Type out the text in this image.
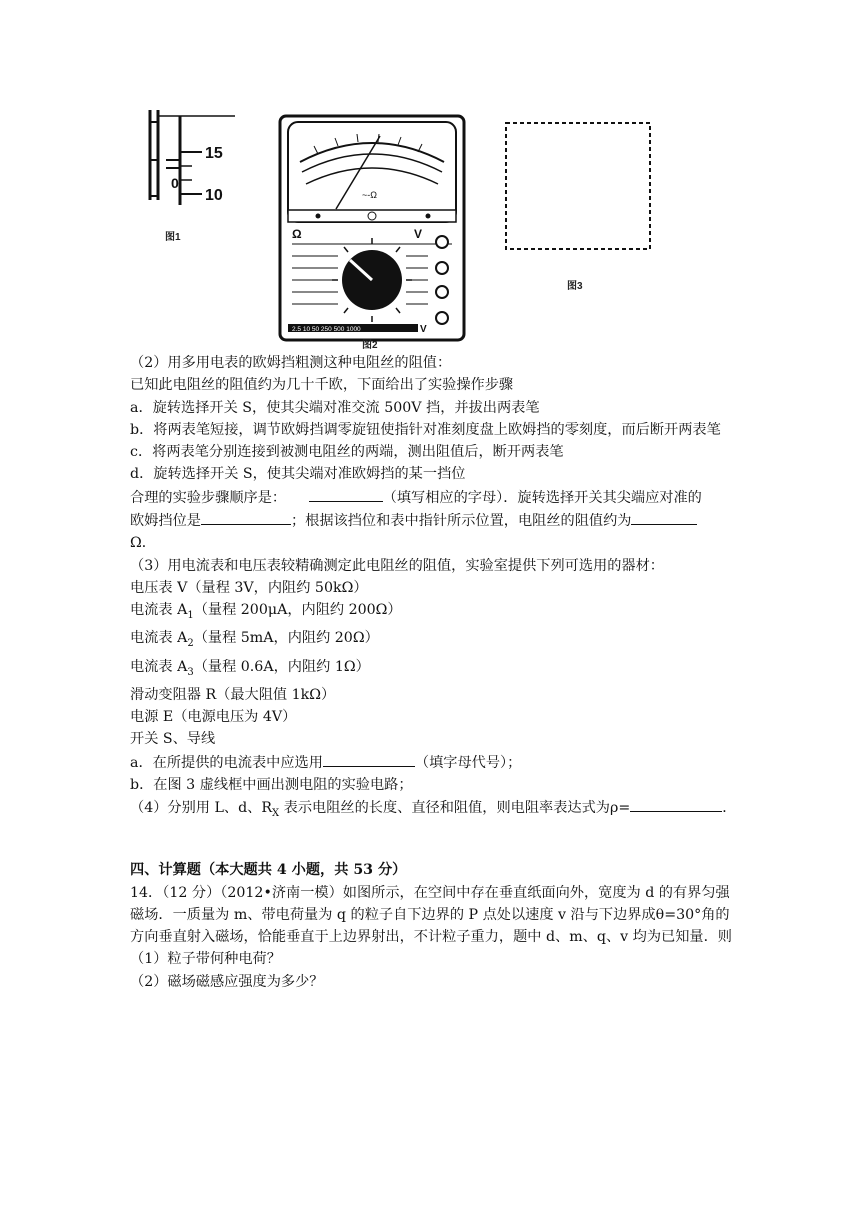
15
10
0
图1
~-Ω
Ω	V
2.5 10 50 250 500 1000	V
图2
图3

（2）用多用电表的欧姆挡粗测这种电阻丝的阻值：

已知此电阻丝的阻值约为几十千欧，下面给出了实验操作步骤

a．旋转选择开关 S，使其尖端对准交流 500V 挡，并拔出两表笔

b．将两表笔短接，调节欧姆挡调零旋钮使指针对准刻度盘上欧姆挡的零刻度，而后断开两表笔

c．将两表笔分别连接到被测电阻丝的两端，测出阻值后，断开两表笔

d．旋转选择开关 S，使其尖端对准欧姆挡的某一挡位

合理的实验步骤顺序是：	（填写相应的字母）．旋转选择开关其尖端应对准的

欧姆挡位是	；根据该挡位和表中指针所示位置，电阻丝的阻值约为

Ω．

（3）用电流表和电压表较精确测定此电阻丝的阻值，实验室提供下列可选用的器材：

电压表 V（量程 3V，内阻约 50kΩ）

电流表 $A_1$（量程 200μA，内阻约 200Ω）

电流表 $A_2$（量程 5mA，内阻约 20Ω）

电流表 $A_3$（量程 0.6A，内阻约 1Ω）

滑动变阻器 R（最大阻值 1kΩ）

电源 E（电源电压为 4V）

开关 S、导线

a．在所提供的电流表中应选用	（填字母代号）；

b．在图 3 虚线框中画出测电阻的实验电路；

（4）分别用 L、d、$R_X$ 表示电阻丝的长度、直径和阻值，则电阻率表达式为ρ=	．

四、计算题（本大题共 4 小题，共 53 分）

14．（12 分）（2012•济南一模）如图所示，在空间中存在垂直纸面向外，宽度为 d 的有界匀强磁场．一质量为 m、带电荷量为 q 的粒子自下边界的 P 点处以速度 v 沿与下边界成θ=30°角的方向垂直射入磁场，恰能垂直于上边界射出，不计粒子重力，题中 d、m、q、v 均为已知量．则

（1）粒子带何种电荷？

（2）磁场磁感应强度为多少？
